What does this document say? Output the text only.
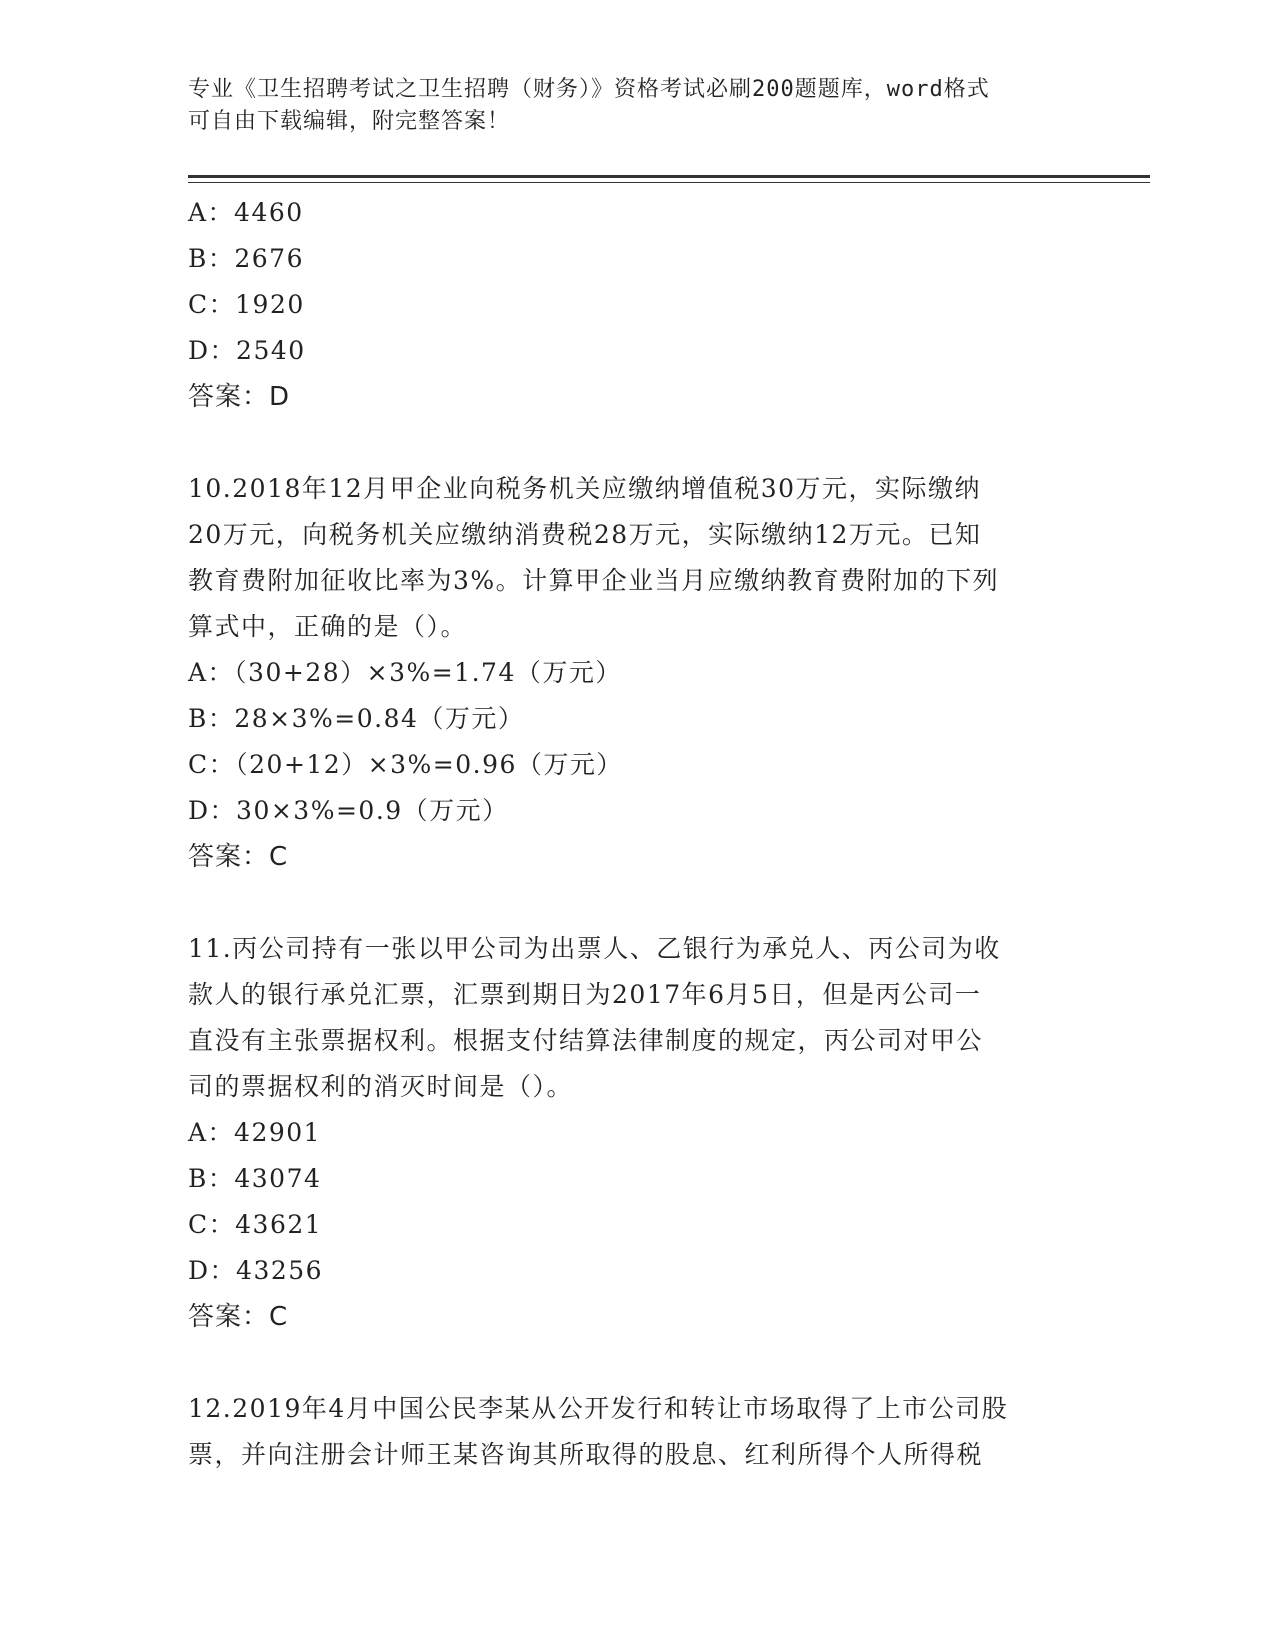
专业《卫生招聘考试之卫生招聘（财务）》资格考试必刷200题题库，word格式
可自由下载编辑，附完整答案！
A：4460
B：2676
C：1920
D：2540
答案：D
10.2018年12月甲企业向税务机关应缴纳增值税30万元，实际缴纳
20万元，向税务机关应缴纳消费税28万元，实际缴纳12万元。已知
教育费附加征收比率为3%。计算甲企业当月应缴纳教育费附加的下列
算式中，正确的是（）。
A：（30+28）×3%=1.74（万元）
B：28×3%=0.84（万元）
C：（20+12）×3%=0.96（万元）
D：30×3%=0.9（万元）
答案：C
11.丙公司持有一张以甲公司为出票人、乙银行为承兑人、丙公司为收
款人的银行承兑汇票，汇票到期日为2017年6月5日，但是丙公司一
直没有主张票据权利。根据支付结算法律制度的规定，丙公司对甲公
司的票据权利的消灭时间是（）。
A：42901
B：43074
C：43621
D：43256
答案：C
12.2019年4月中国公民李某从公开发行和转让市场取得了上市公司股
票，并向注册会计师王某咨询其所取得的股息、红利所得个人所得税
